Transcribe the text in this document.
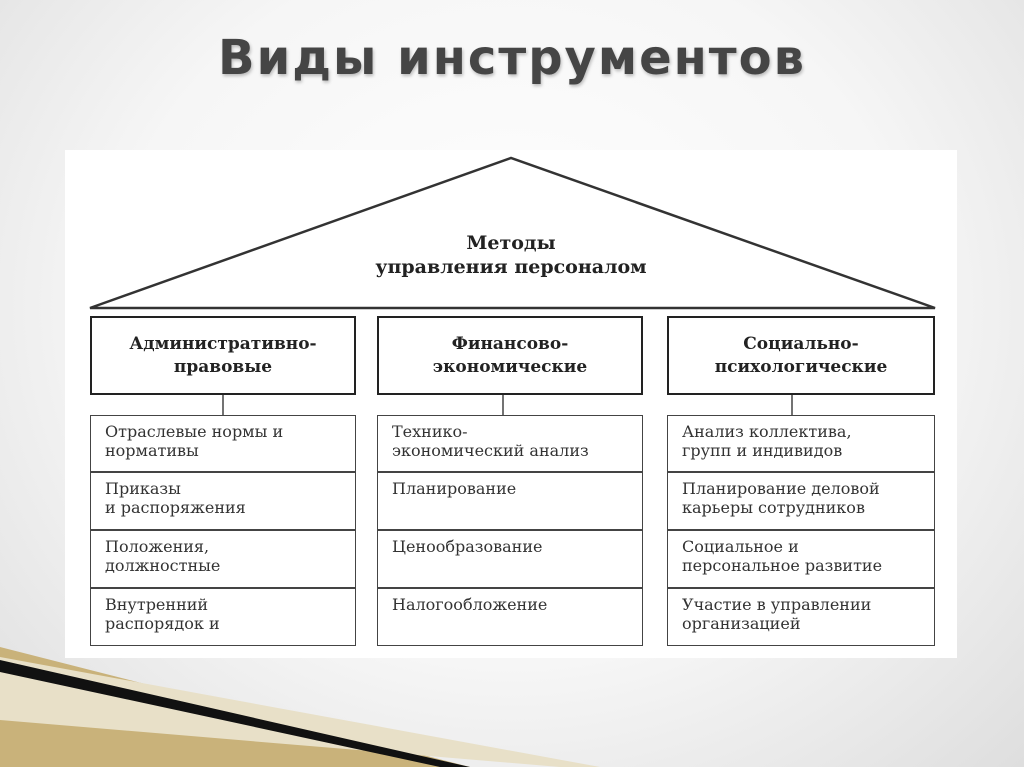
Виды инструментов
Методы
управления персоналом
Административно-
правовые
Отраслевые нормы и
нормативы
Приказы
и распоряжения
Положения,
должностные
Внутренний
распорядок и
Финансово-
экономические
Технико-
экономический анализ
Планирование
Ценообразование
Налогообложение
Социально-
психологические
Анализ коллектива,
групп и индивидов
Планирование деловой
карьеры сотрудников
Социальное и
персональное развитие
Участие в управлении
организацией
